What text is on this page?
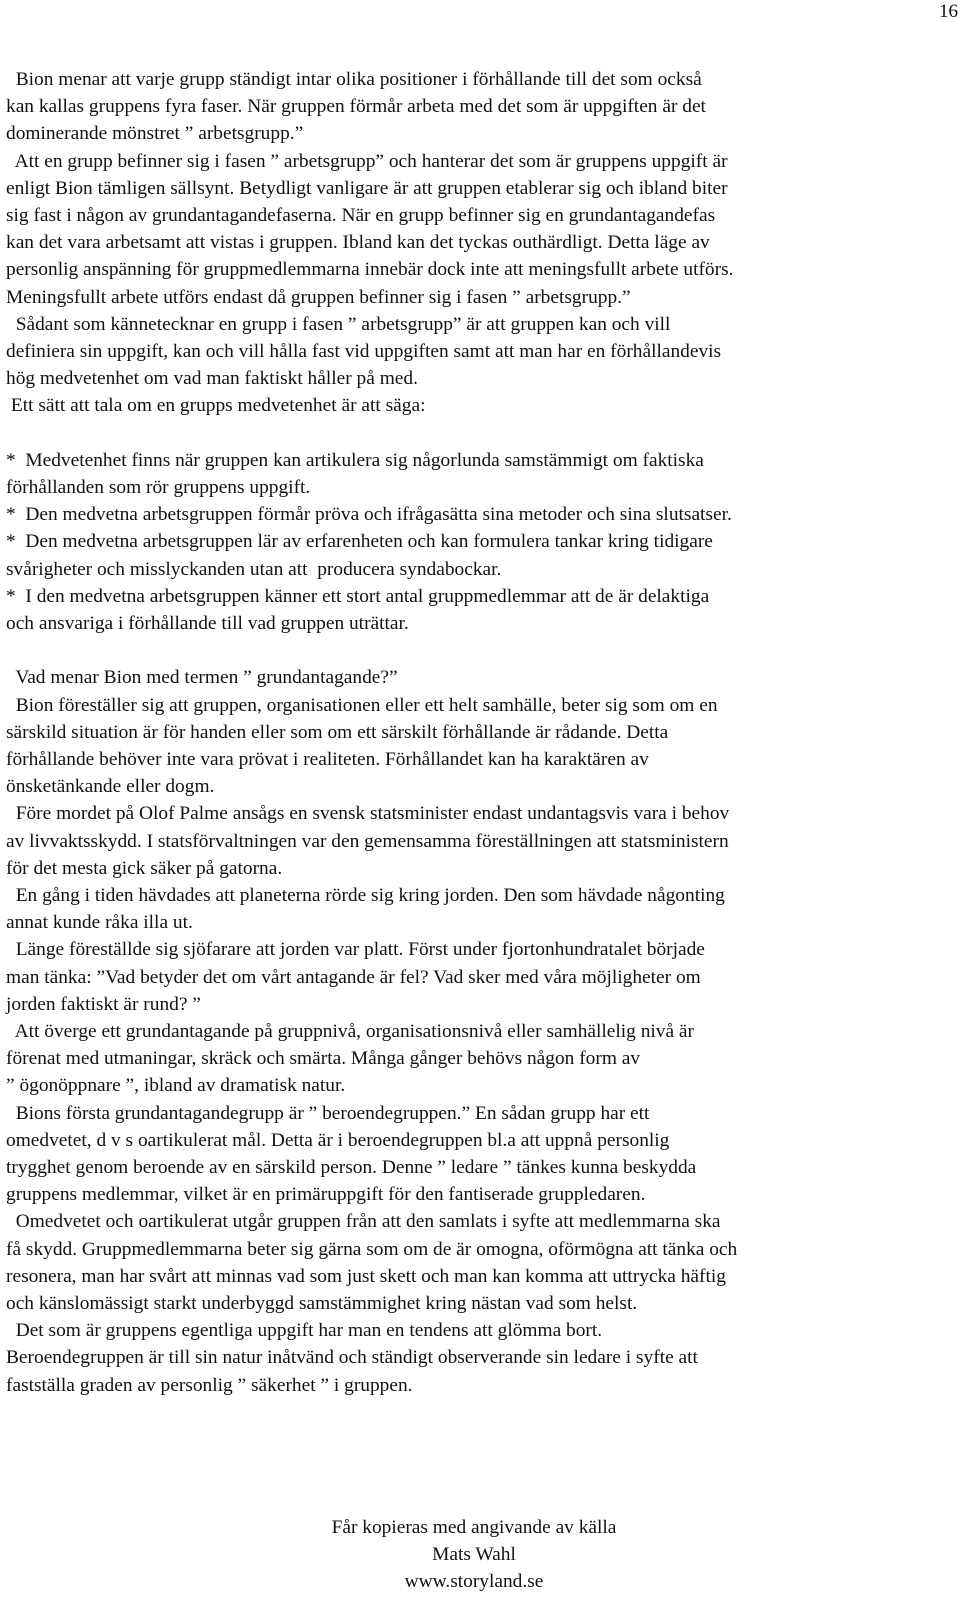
16

Bion menar att varje grupp ständigt intar olika positioner i förhållande till det som också

kan kallas gruppens fyra faser. När gruppen förmår arbeta med det som är uppgiften är det

dominerande mönstret ” arbetsgrupp.”

Att en grupp befinner sig i fasen ” arbetsgrupp” och hanterar det som är gruppens uppgift är

enligt Bion tämligen sällsynt. Betydligt vanligare är att gruppen etablerar sig och ibland biter

sig fast i någon av grundantagandefaserna. När en grupp befinner sig en grundantagandefas

kan det vara arbetsamt att vistas i gruppen. Ibland kan det tyckas outhärdligt. Detta läge av

personlig anspänning för gruppmedlemmarna innebär dock inte att meningsfullt arbete utförs.

Meningsfullt arbete utförs endast då gruppen befinner sig i fasen ” arbetsgrupp.”

Sådant som kännetecknar en grupp i fasen ” arbetsgrupp” är att gruppen kan och vill

definiera sin uppgift, kan och vill hålla fast vid uppgiften samt att man har en förhållandevis

hög medvetenhet om vad man faktiskt håller på med.

Ett sätt att tala om en grupps medvetenhet är att säga:

*  Medvetenhet finns när gruppen kan artikulera sig någorlunda samstämmigt om faktiska

förhållanden som rör gruppens uppgift.

*  Den medvetna arbetsgruppen förmår pröva och ifrågasätta sina metoder och sina slutsatser.

*  Den medvetna arbetsgruppen lär av erfarenheten och kan formulera tankar kring tidigare

svårigheter och misslyckanden utan att  producera syndabockar.

*  I den medvetna arbetsgruppen känner ett stort antal gruppmedlemmar att de är delaktiga

och ansvariga i förhållande till vad gruppen uträttar.

Vad menar Bion med termen ” grundantagande?”

Bion föreställer sig att gruppen, organisationen eller ett helt samhälle, beter sig som om en

särskild situation är för handen eller som om ett särskilt förhållande är rådande. Detta

förhållande behöver inte vara prövat i realiteten. Förhållandet kan ha karaktären av

önsketänkande eller dogm.

Före mordet på Olof Palme ansågs en svensk statsminister endast undantagsvis vara i behov

av livvaktsskydd. I statsförvaltningen var den gemensamma föreställningen att statsministern

för det mesta gick säker på gatorna.

En gång i tiden hävdades att planeterna rörde sig kring jorden. Den som hävdade någonting

annat kunde råka illa ut.

Länge föreställde sig sjöfarare att jorden var platt. Först under fjortonhundratalet började

man tänka: ”Vad betyder det om vårt antagande är fel? Vad sker med våra möjligheter om

jorden faktiskt är rund? ”

Att överge ett grundantagande på gruppnivå, organisationsnivå eller samhällelig nivå är

förenat med utmaningar, skräck och smärta. Många gånger behövs någon form av

” ögonöppnare ”, ibland av dramatisk natur.

Bions första grundantagandegrupp är ” beroendegruppen.” En sådan grupp har ett

omedvetet, d v s oartikulerat mål. Detta är i beroendegruppen bl.a att uppnå personlig

trygghet genom beroende av en särskild person. Denne ” ledare ” tänkes kunna beskydda

gruppens medlemmar, vilket är en primäruppgift för den fantiserade gruppledaren.

Omedvetet och oartikulerat utgår gruppen från att den samlats i syfte att medlemmarna ska

få skydd. Gruppmedlemmarna beter sig gärna som om de är omogna, oförmögna att tänka och

resonera, man har svårt att minnas vad som just skett och man kan komma att uttrycka häftig

och känslomässigt starkt underbyggd samstämmighet kring nästan vad som helst.

Det som är gruppens egentliga uppgift har man en tendens att glömma bort.

Beroendegruppen är till sin natur inåtvänd och ständigt observerande sin ledare i syfte att

fastställa graden av personlig ” säkerhet ” i gruppen.

Får kopieras med angivande av källa
Mats Wahl
www.storyland.se
